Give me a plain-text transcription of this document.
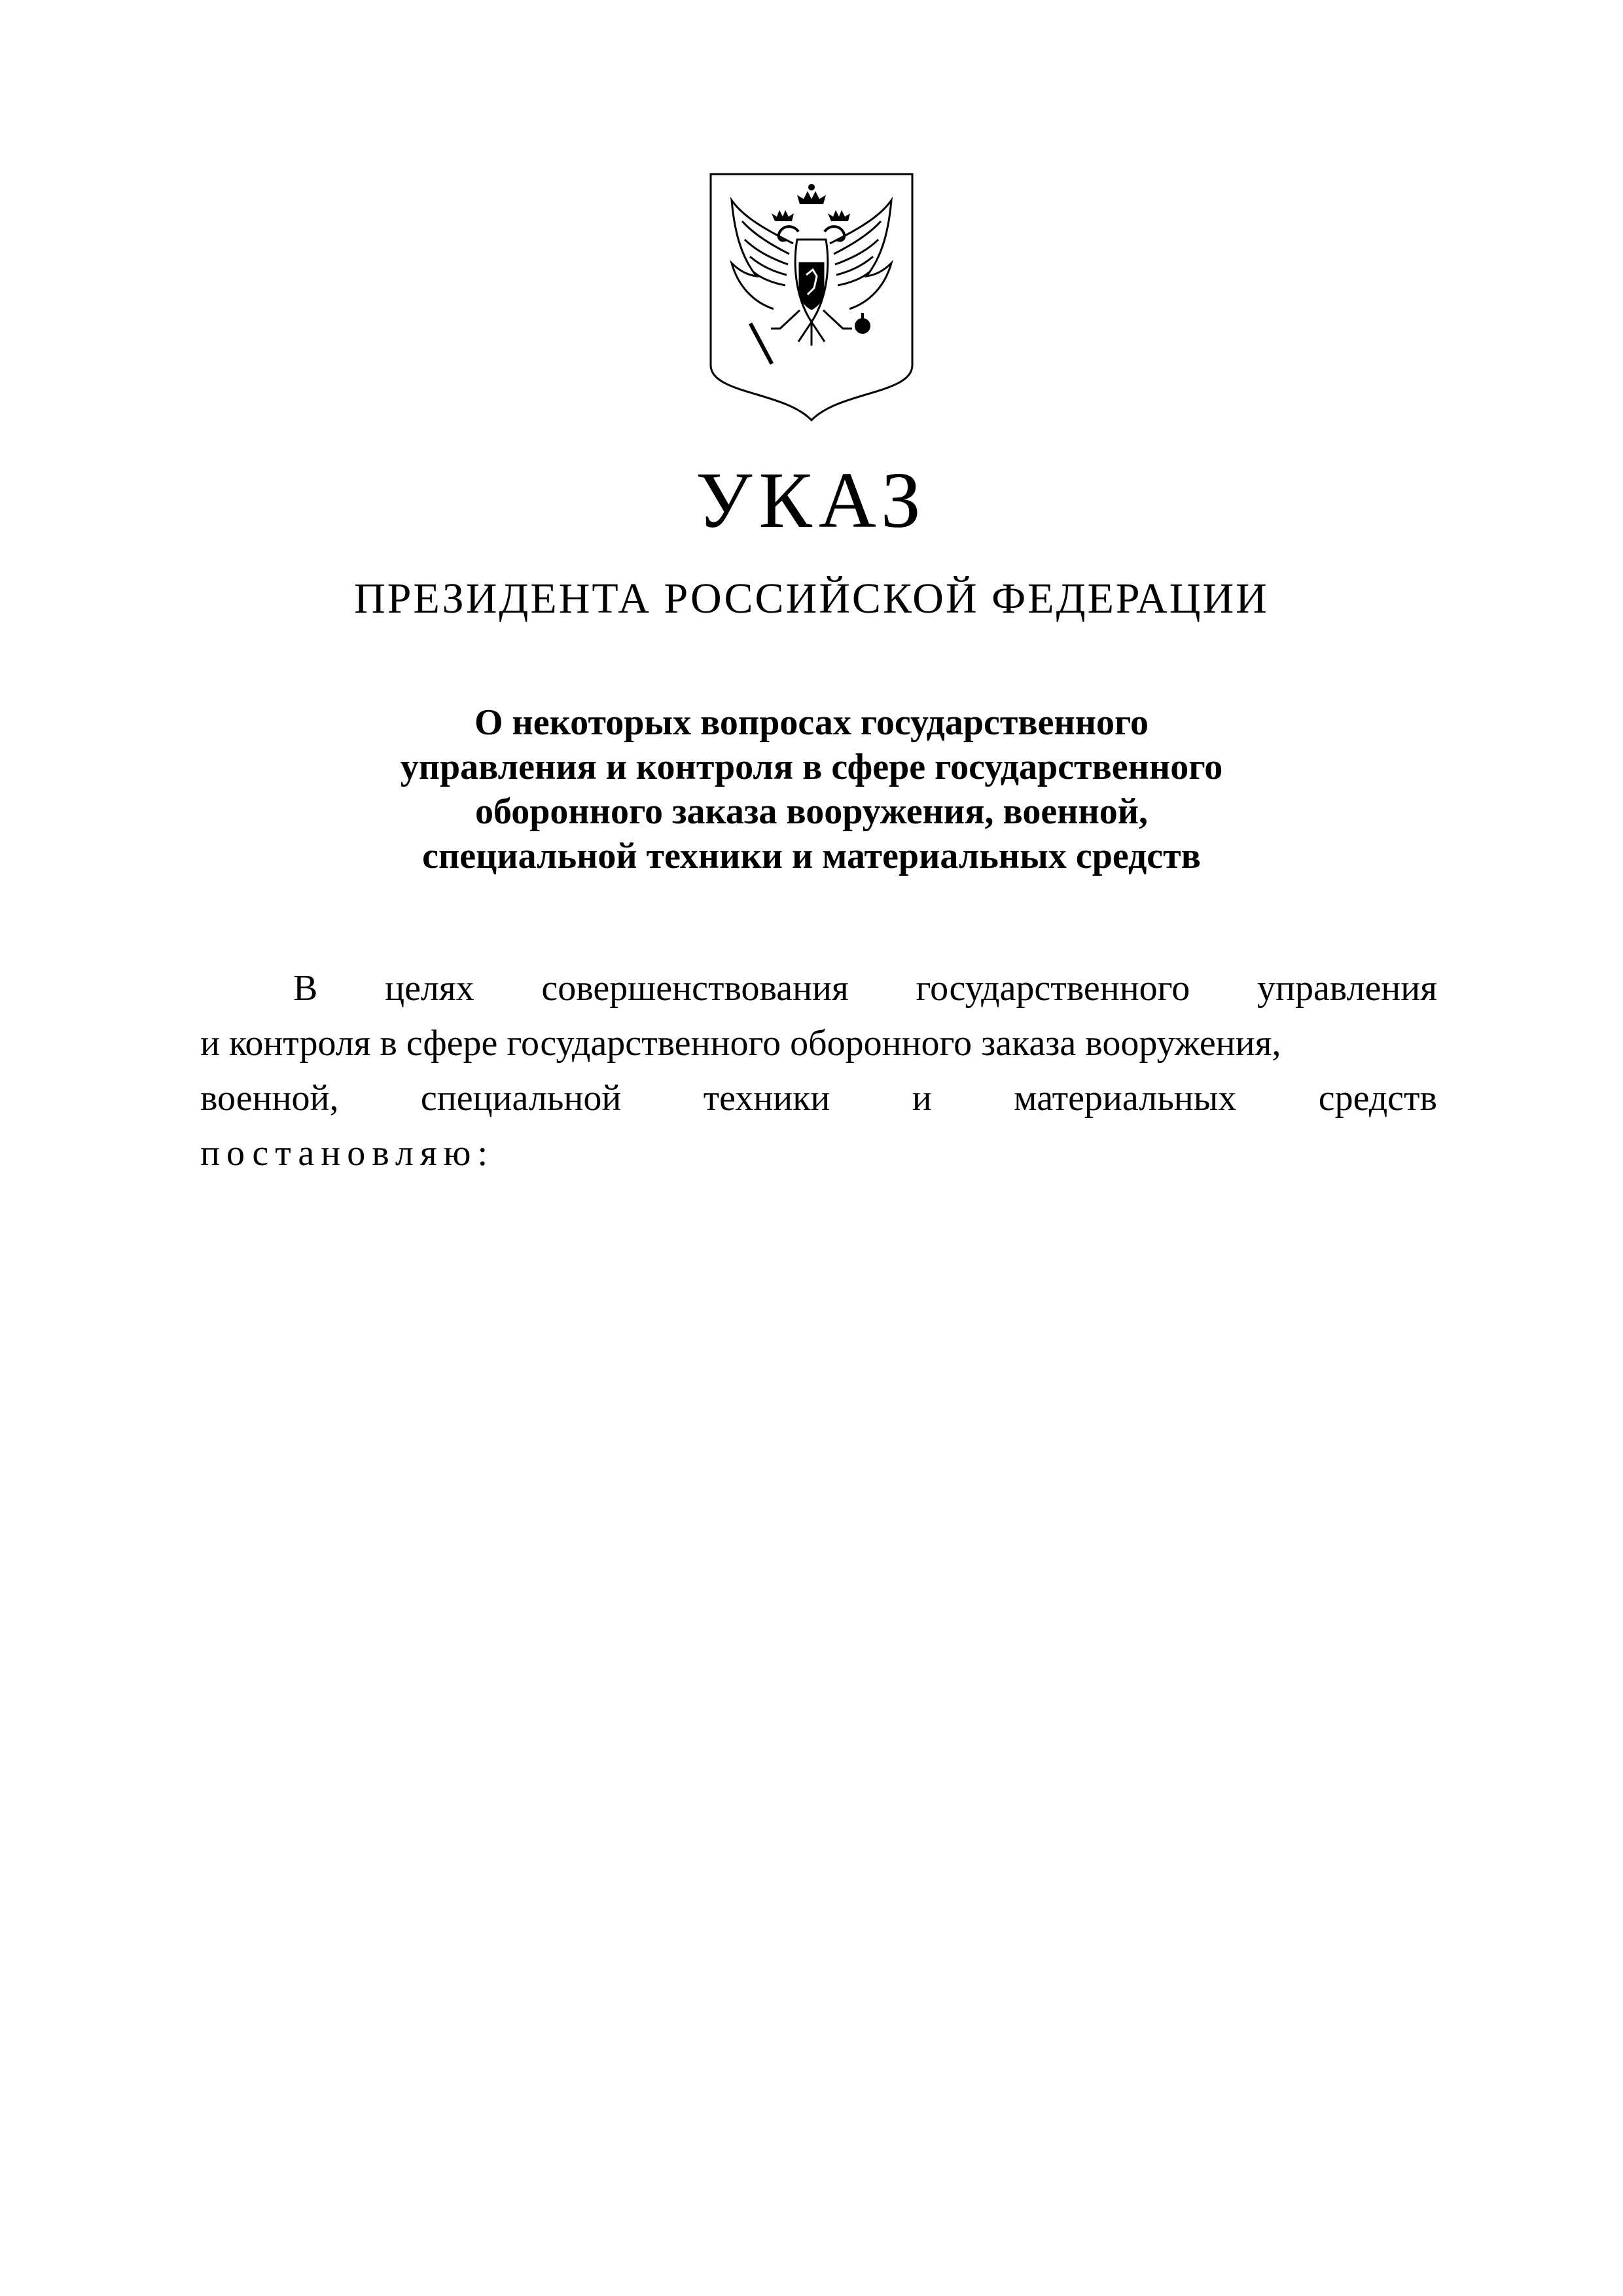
УКАЗ
ПРЕЗИДЕНТА РОССИЙСКОЙ ФЕДЕРАЦИИ
О некоторых вопросах государственного
управления и контроля в сфере государственного
оборонного заказа вооружения, военной,
специальной техники и материальных средств
В целях совершенствования государственного управления
и контроля в сфере государственного оборонного заказа вооружения,
военной, специальной техники и материальных средств
постановляю:
